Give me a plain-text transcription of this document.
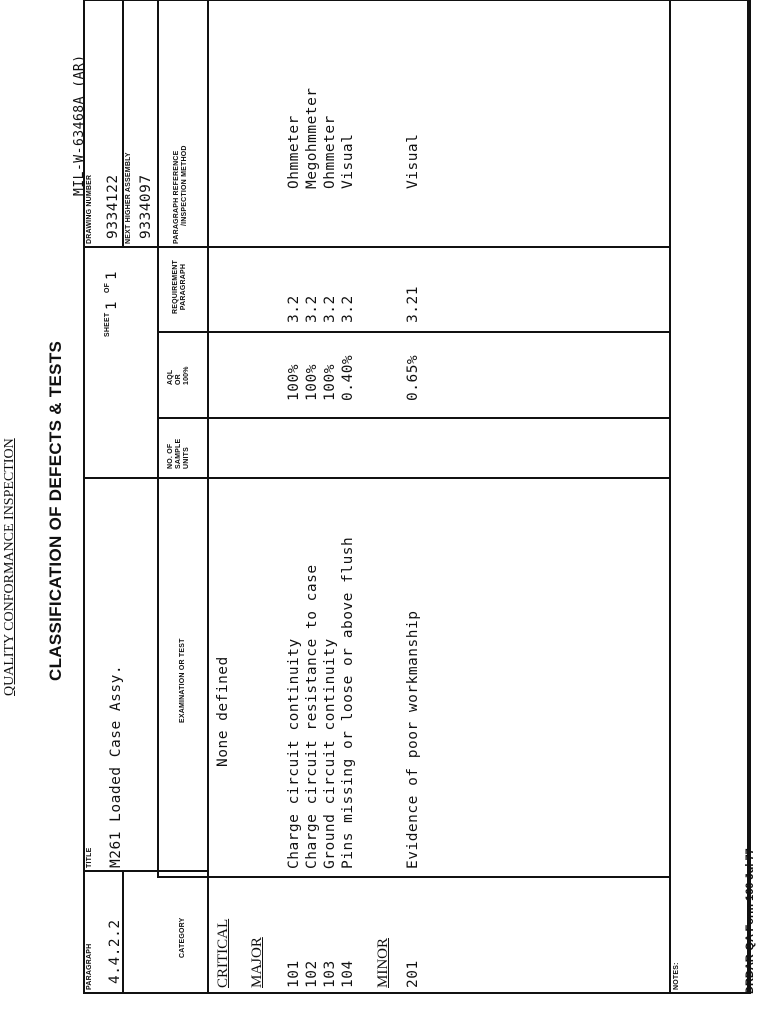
QUALITY CONFORMANCE INSPECTION CLASSIFICATION OF DEFECTS & TESTS
MIL-W-63468A (AR)
PARAGRAPH 4.4.2.2
TITLE M261 Loaded Case Assy.
SHEET
1
OF
1
DRAWING NUMBER 9334122 NEXT HIGHER ASSEMBLY 9334097
CATEGORY
EXAMINATION OR TEST
NO. OF SAMPLE UNITS
AQL OR 100%
REQUIREMENT PARAGRAPH
PARAGRAPH REFERENCE /INSPECTION METHOD
CRITICAL
None defined
MAJOR	MINOR
101 102 103 104
Charge circuit continuity Charge circuit resistance to case Ground circuit continuity Pins missing or loose or above flush
100% 100% 100% 0.40%
3.2 3.2 3.2 3.2
Ohmmeter Megohmmeter Ohmmeter Visual
201
Evidence of poor workmanship
0.65%
3.21
Visual
NOTES:	DRDAR-QA Form 160 Jul 77
